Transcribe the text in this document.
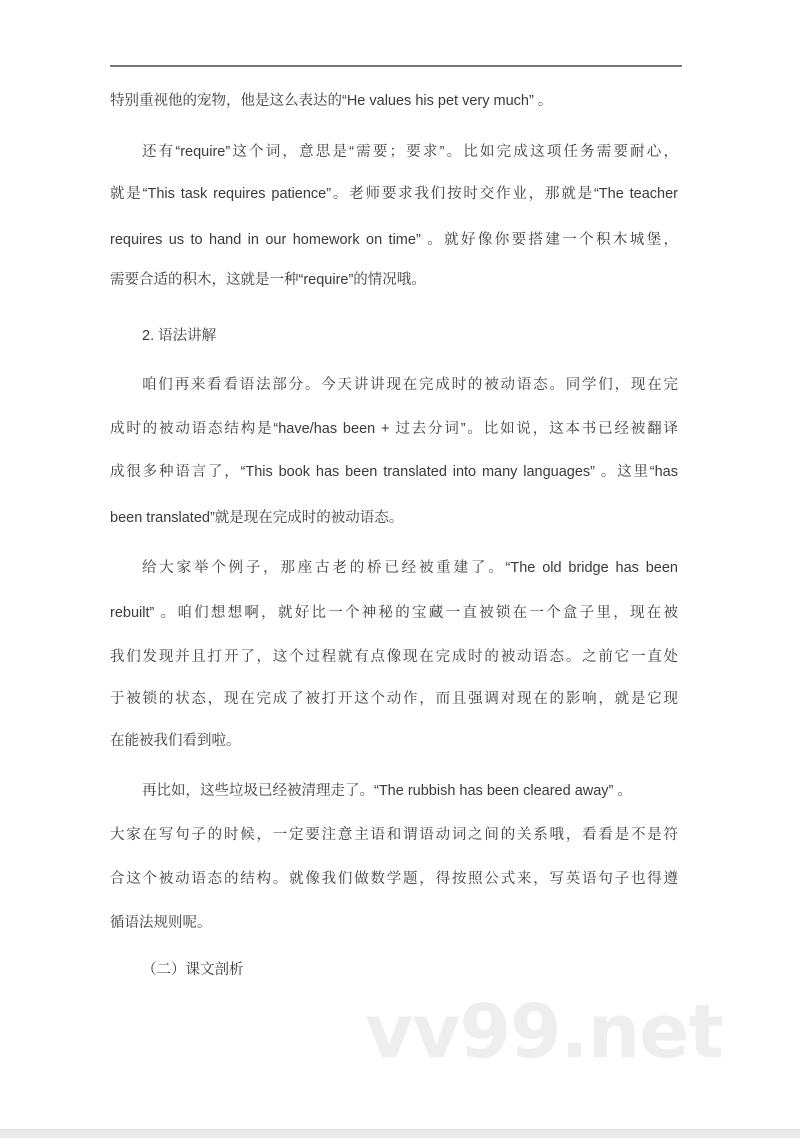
特别重视他的宠物，他是这么表达的“He values his pet very much” 。
还有“require”这个词，意思是“需要；要求”。比如完成这项任务需要耐心，
就是“This task requires patience”。老师要求我们按时交作业，那就是“The teacher
requires us to hand in our homework on time” 。就好像你要搭建一个积木城堡，
需要合适的积木，这就是一种“require”的情况哦。
2. 语法讲解
咱们再来看看语法部分。今天讲讲现在完成时的被动语态。同学们，现在完
成时的被动语态结构是“have/has been + 过去分词”。比如说，这本书已经被翻译
成很多种语言了，“This book has been translated into many languages” 。这里“has
been translated”就是现在完成时的被动语态。
给大家举个例子，那座古老的桥已经被重建了。“The old bridge has been
rebuilt” 。咱们想想啊，就好比一个神秘的宝藏一直被锁在一个盒子里，现在被
我们发现并且打开了，这个过程就有点像现在完成时的被动语态。之前它一直处
于被锁的状态，现在完成了被打开这个动作，而且强调对现在的影响，就是它现
在能被我们看到啦。
再比如，这些垃圾已经被清理走了。“The rubbish has been cleared away” 。
大家在写句子的时候，一定要注意主语和谓语动词之间的关系哦，看看是不是符
合这个被动语态的结构。就像我们做数学题，得按照公式来，写英语句子也得遵
循语法规则呢。
（二）课文剖析
vv99.net
